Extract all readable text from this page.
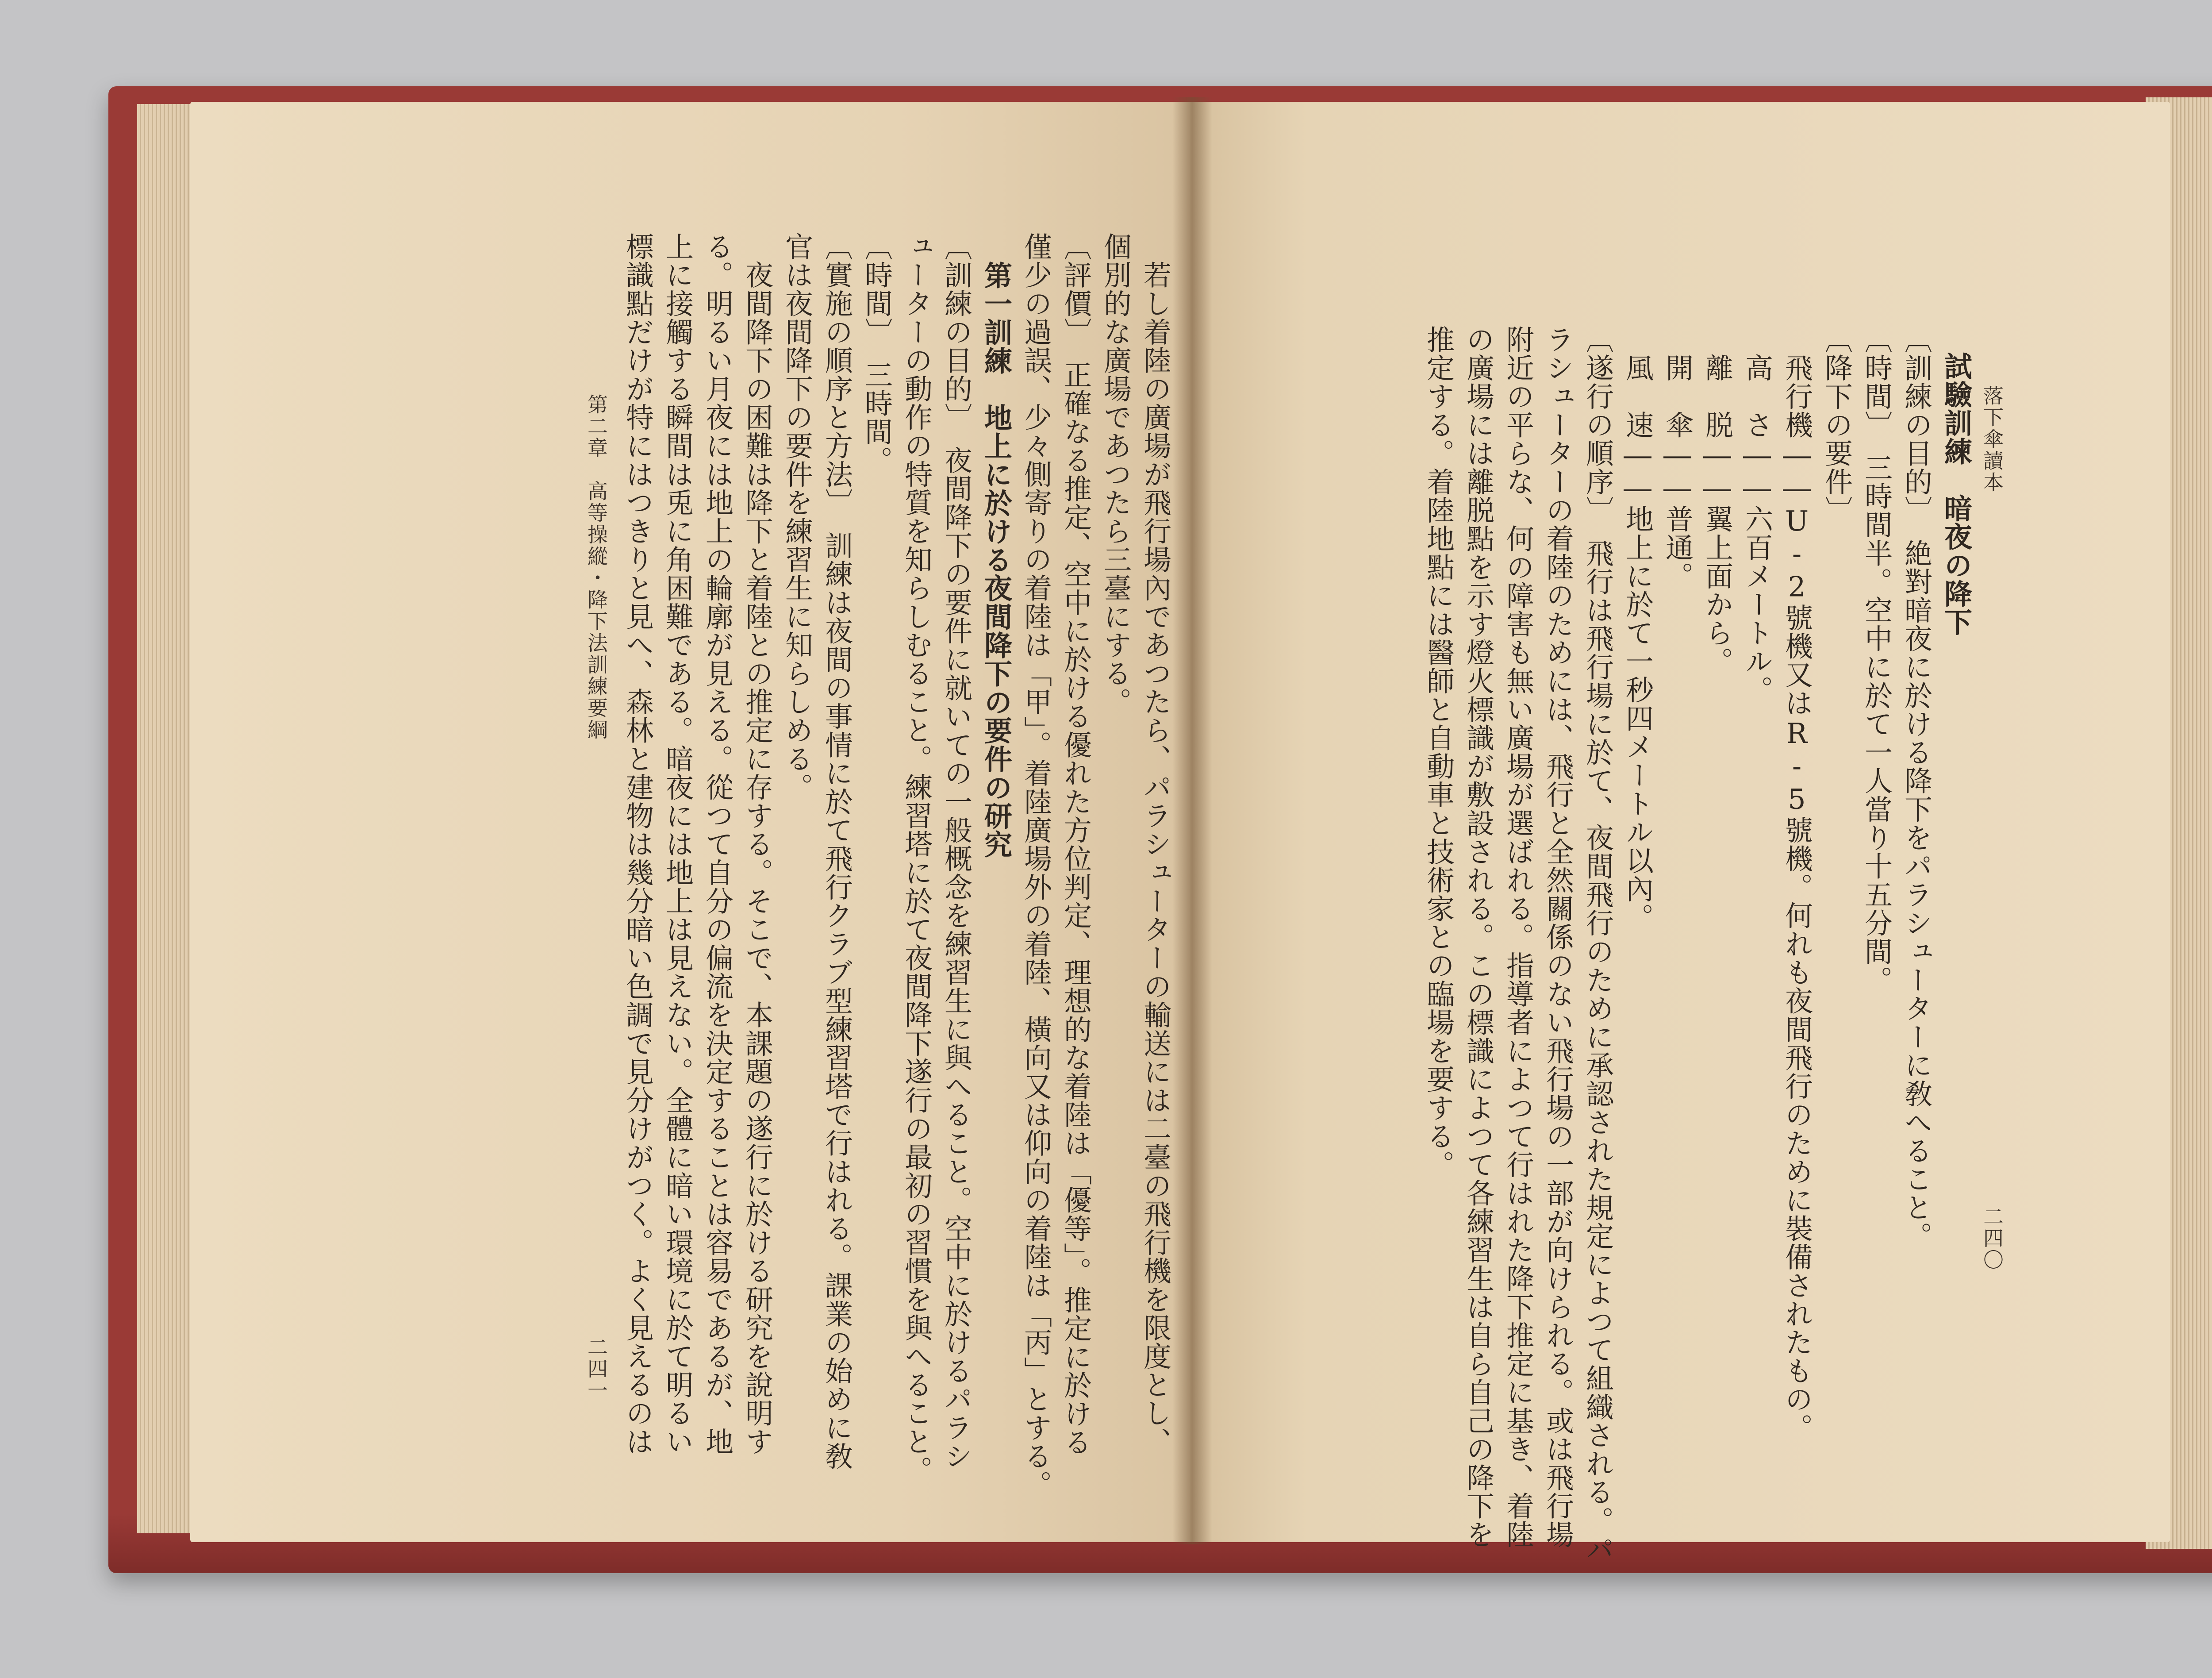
　若し着陸の廣場が飛行場內であつたら、パラシューターの輸送には二臺の飛行機を限度とし、
個別的な廣場であつたら三臺にする。
〔評價〕　正確なる推定、空中に於ける優れた方位判定、理想的な着陸は「優等」。推定に於ける
僅少の過誤、少々側寄りの着陸は「甲」。着陸廣場外の着陸、橫向又は仰向の着陸は「丙」とする。
第一訓練　地上に於ける夜間降下の要件の研究
〔訓練の目的〕　夜間降下の要件に就いての一般概念を練習生に與へること。空中に於けるパラシ
ューターの動作の特質を知らしむること。練習塔に於て夜間降下遂行の最初の習慣を與へること。
〔時間〕　三時間。
〔實施の順序と方法〕　訓練は夜間の事情に於て飛行クラブ型練習塔で行はれる。課業の始めに敎
官は夜間降下の要件を練習生に知らしめる。
　夜間降下の困難は降下と着陸との推定に存する。そこで、本課題の遂行に於ける研究を說明す
る。明るい月夜には地上の輪廓が見える。從つて自分の偏流を決定することは容易であるが、地
上に接觸する瞬間は兎に角困難である。暗夜には地上は見えない。全體に暗い環境に於て明るい
標識點だけが特にはつきりと見へ、森林と建物は幾分暗い色調で見分けがつく。よく見えるのは
第二章　高等操縱・降下法訓練要綱
二四一
落下傘讀本
二四〇
試驗訓練　暗夜の降下
〔訓練の目的〕　絶對暗夜に於ける降下をパラシューターに敎へること。
〔時間〕　三時間半。空中に於て一人當り十五分間。
〔降下の要件〕
　飛行機――U-2號機又はR-5號機。何れも夜間飛行のために裝備されたもの。
　高　さ――六百メートル。
　離　脱――翼上面から。
　開　傘――普通。
　風　速――地上に於て一秒四メートル以內。
〔遂行の順序〕　飛行は飛行場に於て、夜間飛行のために承認された規定によつて組織される。パ
ラシューターの着陸のためには、飛行と全然關係のない飛行場の一部が向けられる。或は飛行場
附近の平らな、何の障害も無い廣場が選ばれる。指導者によつて行はれた降下推定に基き、着陸
の廣場には離脱點を示す燈火標識が敷設される。この標識によつて各練習生は自ら自己の降下を
推定する。着陸地點には醫師と自動車と技術家との臨場を要する。
